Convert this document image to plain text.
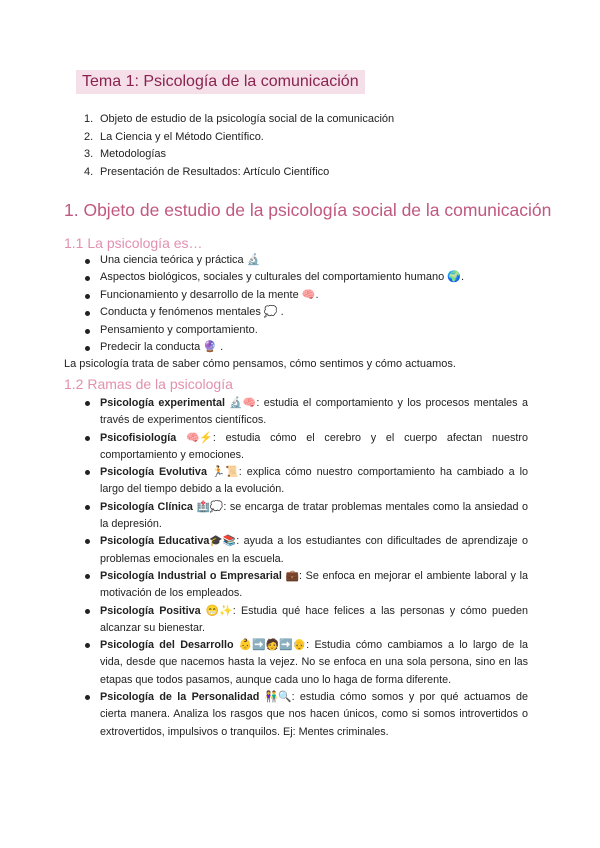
Tema 1: Psicología de la comunicación
1. Objeto de estudio de la psicología social de la comunicación
2. La Ciencia y el Método Científico.
3. Metodologías
4. Presentación de Resultados: Artículo Científico
1. Objeto de estudio de la psicología social de la comunicación
1.1 La psicología es…
Una ciencia teórica y práctica 🔬
Aspectos biológicos, sociales y culturales del comportamiento humano 🌍.
Funcionamiento y desarrollo de la mente 🧠.
Conducta y fenómenos mentales 💭 .
Pensamiento y comportamiento.
Predecir la conducta 🔮 .

La psicología trata de saber cómo pensamos, cómo sentimos y cómo actuamos.

1.2 Ramas de la psicología
Psicología experimental 🔬🧠: estudia el comportamiento y los procesos mentales a través de experimentos científicos.
Psicofisiología 🧠⚡: estudia cómo el cerebro y el cuerpo afectan nuestro comportamiento y emociones.
Psicología Evolutiva 🏃📜: explica cómo nuestro comportamiento ha cambiado a lo largo del tiempo debido a la evolución.
Psicología Clínica 🏥💭: se encarga de tratar problemas mentales como la ansiedad o la depresión.
Psicología Educativa🎓📚: ayuda a los estudiantes con dificultades de aprendizaje o problemas emocionales en la escuela.
Psicología Industrial o Empresarial 💼: Se enfoca en mejorar el ambiente laboral y la motivación de los empleados.
Psicología Positiva 😁✨: Estudia qué hace felices a las personas y cómo pueden alcanzar su bienestar.
Psicología del Desarrollo 👶➡️🧑➡️👴: Estudia cómo cambiamos a lo largo de la vida, desde que nacemos hasta la vejez. No se enfoca en una sola persona, sino en las etapas que todos pasamos, aunque cada uno lo haga de forma diferente.
Psicología de la Personalidad 👫🔍: estudia cómo somos y por qué actuamos de cierta manera. Analiza los rasgos que nos hacen únicos, como si somos introvertidos o extrovertidos, impulsivos o tranquilos. Ej: Mentes criminales.
